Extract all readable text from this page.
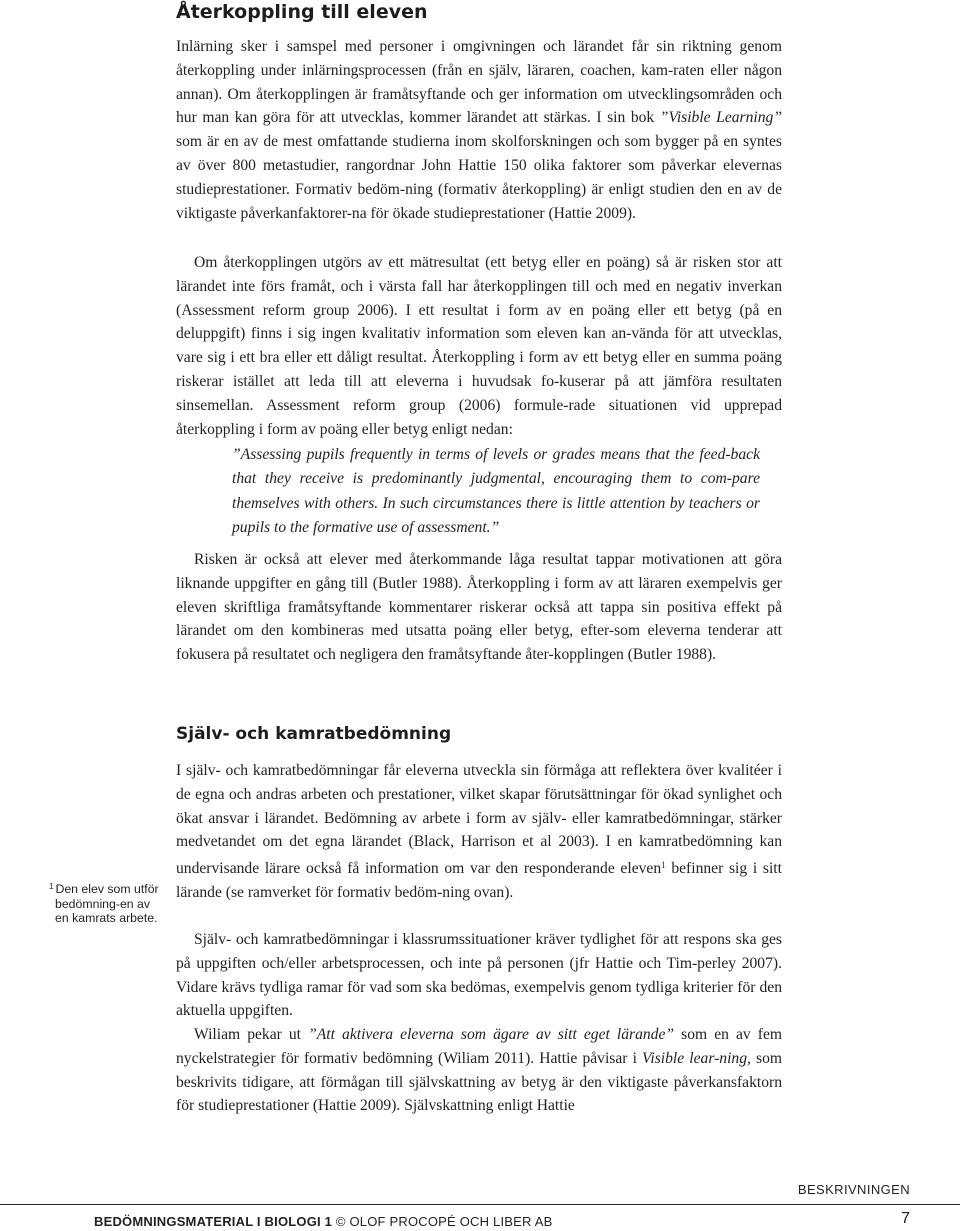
Återkoppling till eleven

Inlärning sker i samspel med personer i omgivningen och lärandet får sin riktning genom återkoppling under inlärningsprocessen (från en själv, läraren, coachen, kam-raten eller någon annan). Om återkopplingen är framåtsyftande och ger information om utvecklingsområden och hur man kan göra för att utvecklas, kommer lärandet att stärkas. I sin bok ”Visible Learning” som är en av de mest omfattande studierna inom skolforskningen och som bygger på en syntes av över 800 metastudier, rangordnar John Hattie 150 olika faktorer som påverkar elevernas studieprestationer. Formativ bedöm-ning (formativ återkoppling) är enligt studien den en av de viktigaste påverkanfaktorer-na för ökade studieprestationer (Hattie 2009).

Om återkopplingen utgörs av ett mätresultat (ett betyg eller en poäng) så är risken stor att lärandet inte förs framåt, och i värsta fall har återkopplingen till och med en negativ inverkan (Assessment reform group 2006). I ett resultat i form av en poäng eller ett betyg (på en deluppgift) finns i sig ingen kvalitativ information som eleven kan an-vända för att utvecklas, vare sig i ett bra eller ett dåligt resultat. Återkoppling i form av ett betyg eller en summa poäng riskerar istället att leda till att eleverna i huvudsak fo-kuserar på att jämföra resultaten sinsemellan. Assessment reform group (2006) formule-rade situationen vid upprepad återkoppling i form av poäng eller betyg enligt nedan:

”Assessing pupils frequently in terms of levels or grades means that the feed-back that they receive is predominantly judgmental, encouraging them to com-pare themselves with others. In such circumstances there is little attention by teachers or pupils to the formative use of assessment.”

Risken är också att elever med återkommande låga resultat tappar motivationen att göra liknande uppgifter en gång till (Butler 1988). Återkoppling i form av att läraren exempelvis ger eleven skriftliga framåtsyftande kommentarer riskerar också att tappa sin positiva effekt på lärandet om den kombineras med utsatta poäng eller betyg, efter-som eleverna tenderar att fokusera på resultatet och negligera den framåtsyftande åter-kopplingen (Butler 1988).

Själv- och kamratbedömning

I själv- och kamratbedömningar får eleverna utveckla sin förmåga att reflektera över kvalitéer i de egna och andras arbeten och prestationer, vilket skapar förutsättningar för ökad synlighet och ökat ansvar i lärandet. Bedömning av arbete i form av själv- eller kamratbedömningar, stärker medvetandet om det egna lärandet (Black, Harrison et al 2003). I en kamratbedömning kan undervisande lärare också få information om var den responderande eleven$^1$ befinner sig i sitt lärande (se ramverket för formativ bedöm-ning ovan).

Själv- och kamratbedömningar i klassrumssituationer kräver tydlighet för att respons ska ges på uppgiften och/eller arbetsprocessen, och inte på personen (jfr Hattie och Tim-perley 2007). Vidare krävs tydliga ramar för vad som ska bedömas, exempelvis genom tydliga kriterier för den aktuella uppgiften.

Wiliam pekar ut ”Att aktivera eleverna som ägare av sitt eget lärande” som en av fem nyckelstrategier för formativ bedömning (Wiliam 2011). Hattie påvisar i Visible lear-ning, som beskrivits tidigare, att förmågan till självskattning av betyg är den viktigaste påverkansfaktorn för studieprestationer (Hattie 2009). Självskattning enligt Hattie

$^1$ Den elev som utför bedömning-en av en kamrats arbete.

BESKRIVNINGEN
BEDÖMNINGSMATERIAL I BIOLOGI 1 © OLOF PROCOPÉ OCH LIBER AB	7
